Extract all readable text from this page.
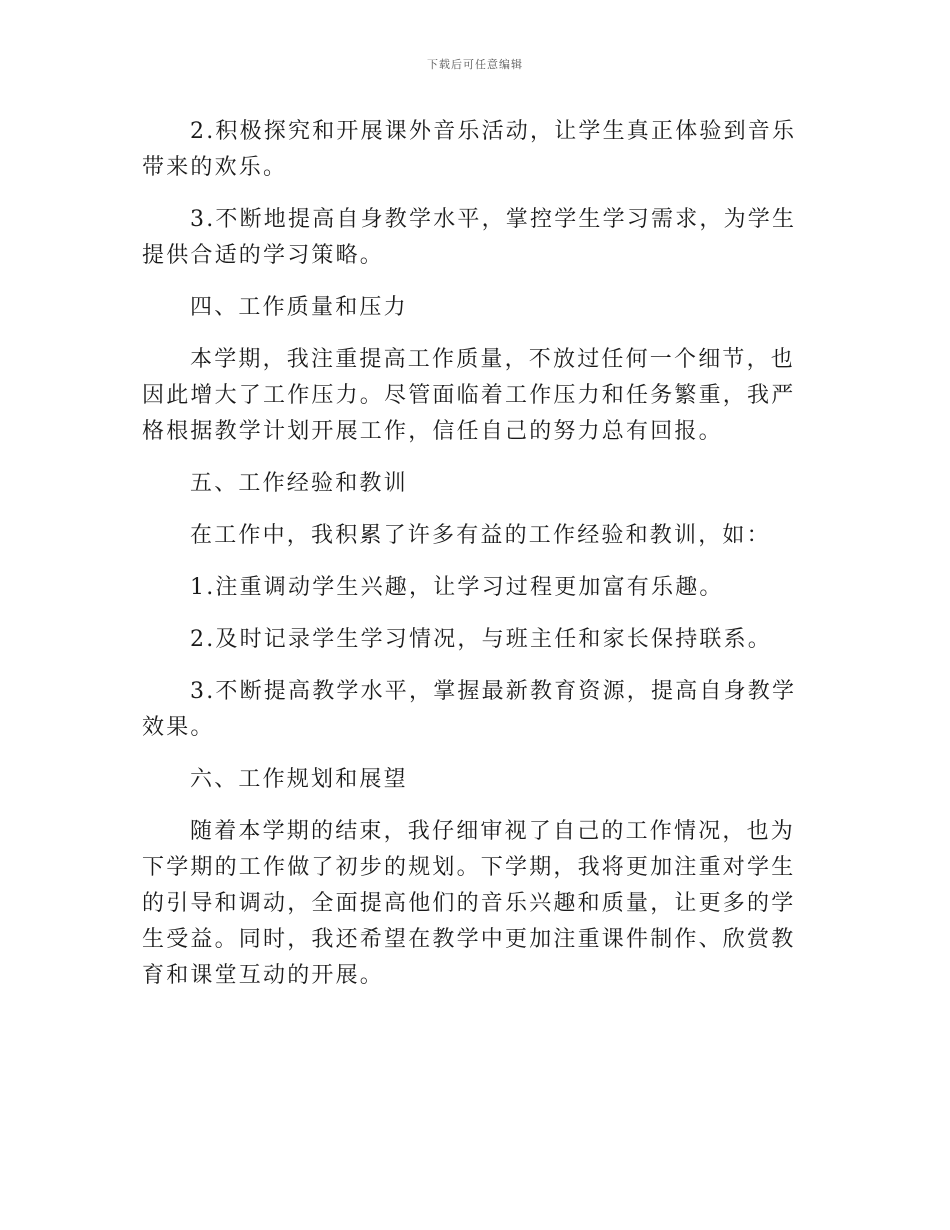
下载后可任意编辑

2.积极探究和开展课外音乐活动，让学生真正体验到音乐带来的欢乐。

3.不断地提高自身教学水平，掌控学生学习需求，为学生提供合适的学习策略。

四、工作质量和压力

本学期，我注重提高工作质量，不放过任何一个细节，也因此增大了工作压力。尽管面临着工作压力和任务繁重，我严格根据教学计划开展工作，信任自己的努力总有回报。

五、工作经验和教训

在工作中，我积累了许多有益的工作经验和教训，如：

1.注重调动学生兴趣，让学习过程更加富有乐趣。

2.及时记录学生学习情况，与班主任和家长保持联系。

3.不断提高教学水平，掌握最新教育资源，提高自身教学效果。

六、工作规划和展望

随着本学期的结束，我仔细审视了自己的工作情况，也为下学期的工作做了初步的规划。下学期，我将更加注重对学生的引导和调动，全面提高他们的音乐兴趣和质量，让更多的学生受益。同时，我还希望在教学中更加注重课件制作、欣赏教育和课堂互动的开展。
